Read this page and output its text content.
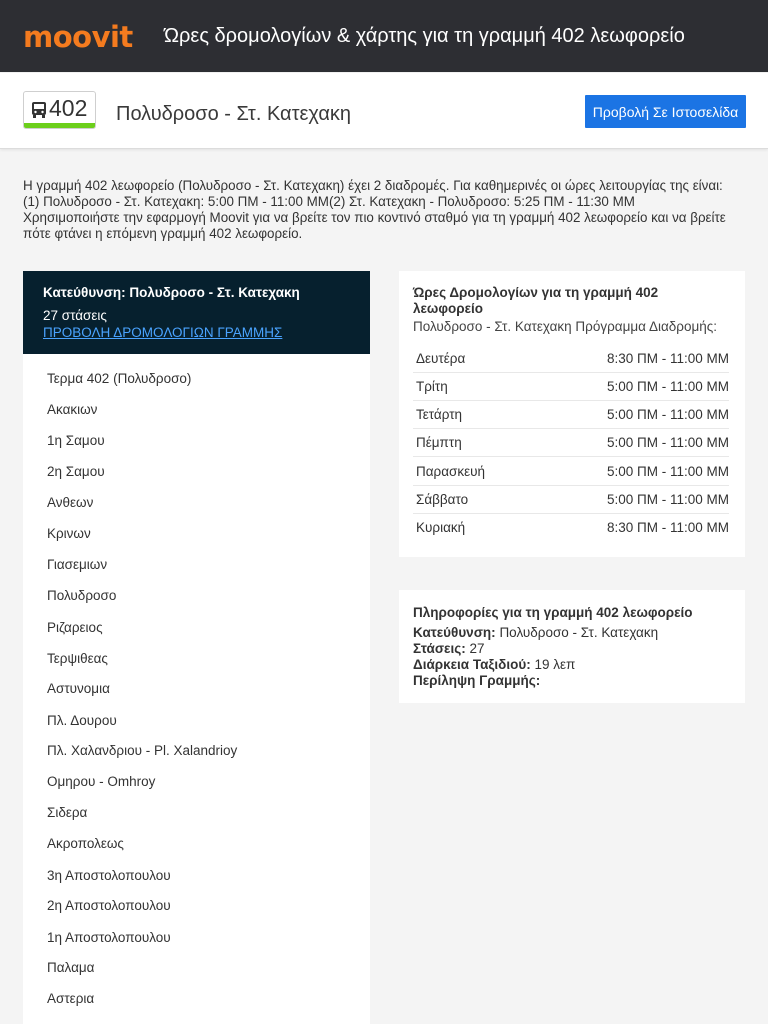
moovit Ώρες δρομολογίων & χάρτης για τη γραμμή 402 λεωφορείο
402 Πολυδροσο - Στ. Κατεχακη	Προβολή Σε Ιστοσελίδα
Η γραμμή 402 λεωφορείο (Πολυδροσο - Στ. Κατεχακη) έχει 2 διαδρομές. Για καθημερινές οι ώρες λειτουργίας της είναι:
(1) Πολυδροσο - Στ. Κατεχακη: 5:00 ΠΜ - 11:00 ΜΜ(2) Στ. Κατεχακη - Πολυδροσο: 5:25 ΠΜ - 11:30 ΜΜ
Χρησιμοποιήστε την εφαρμογή Moovit για να βρείτε τον πιο κοντινό σταθμό για τη γραμμή 402 λεωφορείο και να βρείτε
πότε φτάνει η επόμενη γραμμή 402 λεωφορείο.
Κατεύθυνση: Πολυδροσο - Στ. Κατεχακη
27 στάσεις
ΠΡΟΒΟΛΗ ΔΡΟΜΟΛΟΓΙΩΝ ΓΡΑΜΜΗΣ
Τερμα 402 (Πολυδροσο)
Ακακιων
1η Σαμου
2η Σαμου
Ανθεων
Κρινων
Γιασεμιων
Πολυδροσο
Ριζαρειος
Τερψιθεας
Αστυνομια
Πλ. Δουρου
Πλ. Χαλανδριου - Pl. Xalandrioy
Ομηρου - Omhroy
Σιδερα
Ακροπολεως
3η Αποστολοπουλου
2η Αποστολοπουλου
1η Αποστολοπουλου
Παλαμα
Αστερια
Ώρες Δρομολογίων για τη γραμμή 402 λεωφορείο
Πολυδροσο - Στ. Κατεχακη Πρόγραμμα Διαδρομής:
Δευτέρα	8:30 ΠΜ - 11:00 ΜΜ
Τρίτη	5:00 ΠΜ - 11:00 ΜΜ
Τετάρτη	5:00 ΠΜ - 11:00 ΜΜ
Πέμπτη	5:00 ΠΜ - 11:00 ΜΜ
Παρασκευή	5:00 ΠΜ - 11:00 ΜΜ
Σάββατο	5:00 ΠΜ - 11:00 ΜΜ
Κυριακή	8:30 ΠΜ - 11:00 ΜΜ
Πληροφορίες για τη γραμμή 402 λεωφορείο
Κατεύθυνση: Πολυδροσο - Στ. Κατεχακη
Στάσεις: 27
Διάρκεια Ταξιδιού: 19 λεπ
Περίληψη Γραμμής:
